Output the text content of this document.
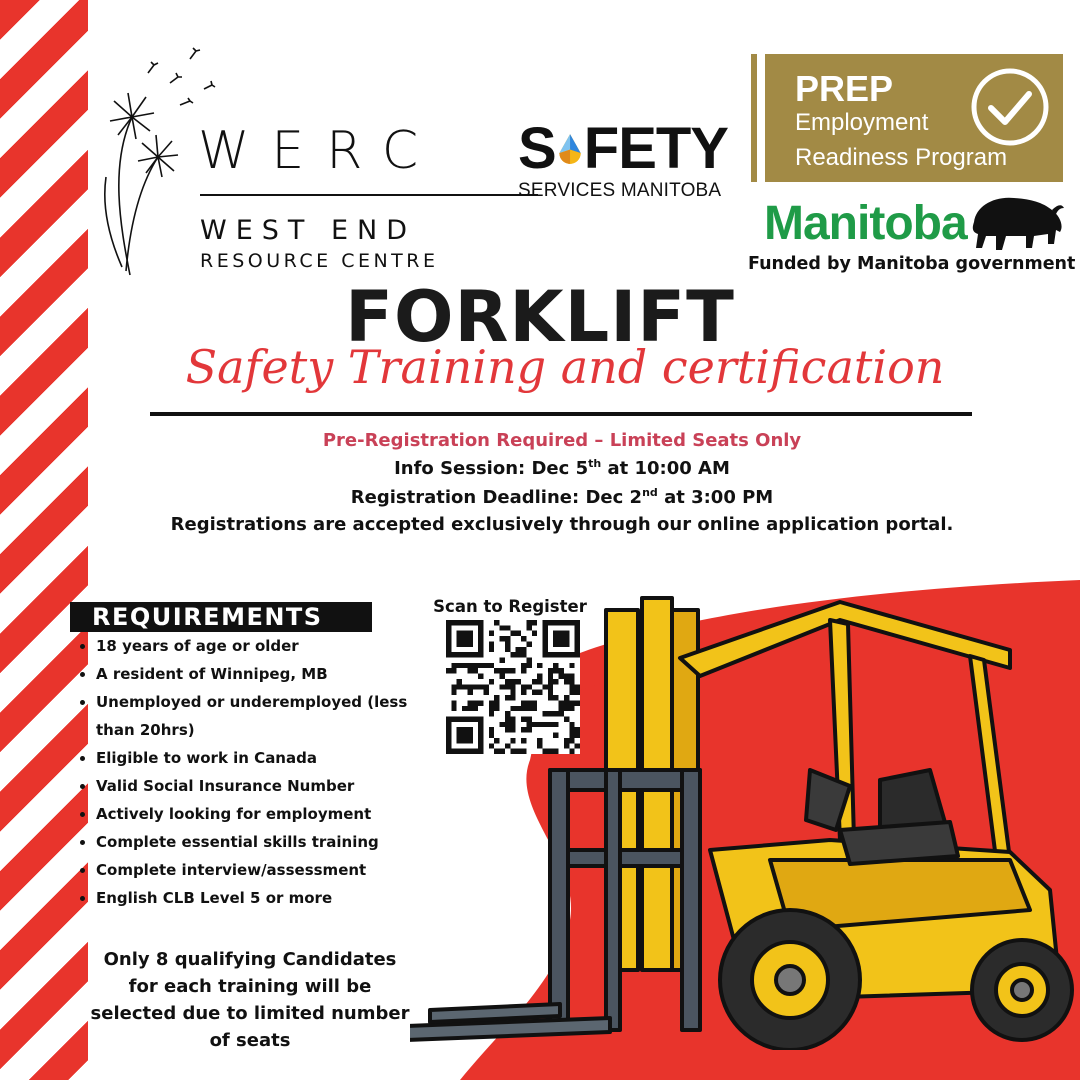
WERC
WEST END
RESOURCE CENTRE
S FETY
SERVICES MANITOBA
PREP
Employment
Readiness Program
Manitoba
Funded by Manitoba government
FORKLIFT
Safety Training and certification
Pre-Registration Required – Limited Seats Only
Info Session: Dec 5th at 10:00 AM
Registration Deadline: Dec 2nd at 3:00 PM
Registrations are accepted exclusively through our online application portal.
REQUIREMENTS
18 years of age or older
A resident of Winnipeg, MB
Unemployed or underemployed (less than 20hrs)
Eligible to work in Canada
Valid Social Insurance Number
Actively looking for employment
Complete essential skills training
Complete interview/assessment
English CLB Level 5 or more
Only 8 qualifying Candidates for each training will be selected due to limited number of seats
Scan to Register
